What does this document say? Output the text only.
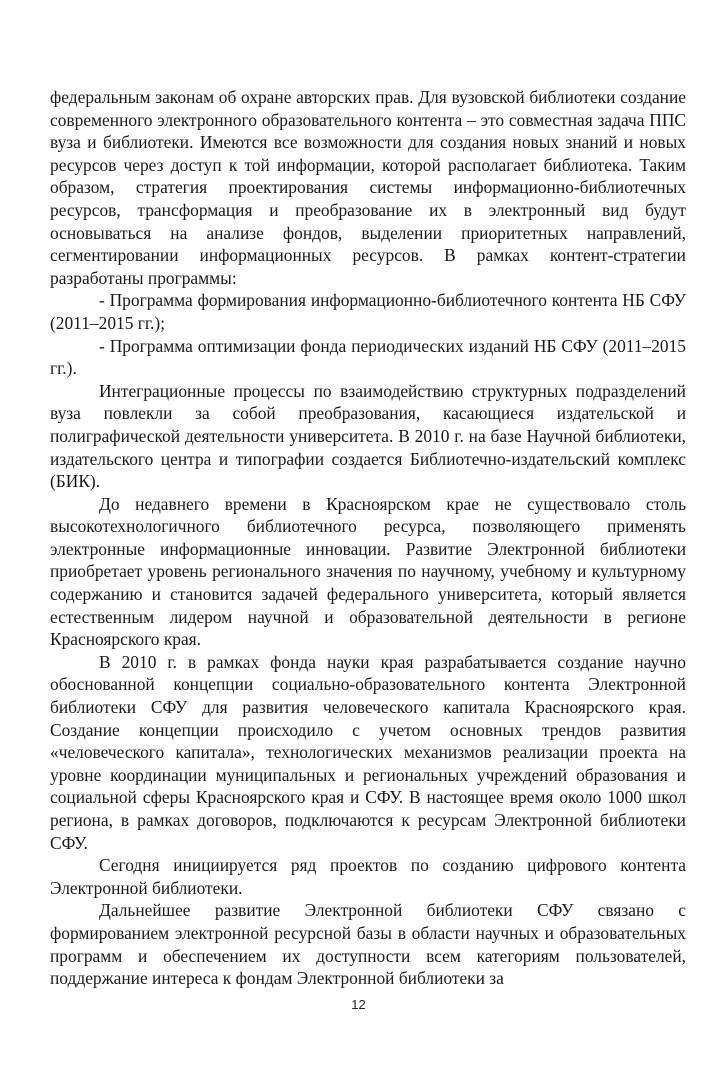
федеральным законам об охране авторских прав. Для вузовской библиотеки создание современного электронного образовательного контента – это совместная задача ППС вуза и библиотеки. Имеются все возможности для создания новых знаний и новых ресурсов через доступ к той информации, которой располагает библиотека. Таким образом, стратегия проектирования системы информационно-библиотечных ресурсов, трансформация и преобразование их в электронный вид будут основываться на анализе фондов, выделении приоритетных направлений, сегментировании информационных ресурсов. В рамках контент-стратегии разработаны программы:

- Программа формирования информационно-библиотечного контента НБ СФУ (2011–2015 гг.);

- Программа оптимизации фонда периодических изданий НБ СФУ (2011–2015 гг.).

Интеграционные процессы по взаимодействию структурных подразделений вуза повлекли за собой преобразования, касающиеся издательской и полиграфической деятельности университета. В 2010 г. на базе Научной библиотеки, издательского центра и типографии создается Библиотечно-издательский комплекс (БИК).

До недавнего времени в Красноярском крае не существовало столь высокотехнологичного библиотечного ресурса, позволяющего применять электронные информационные инновации. Развитие Электронной библиотеки приобретает уровень регионального значения по научному, учебному и культурному содержанию и становится задачей федерального университета, который является естественным лидером научной и образовательной деятельности в регионе Красноярского края.

В 2010 г. в рамках фонда науки края разрабатывается создание научно обоснованной концепции социально-образовательного контента Электронной библиотеки СФУ для развития человеческого капитала Красноярского края. Создание концепции происходило с учетом основных трендов развития «человеческого капитала», технологических механизмов реализации проекта на уровне координации муниципальных и региональных учреждений образования и социальной сферы Красноярского края и СФУ. В настоящее время около 1000 школ региона, в рамках договоров, подключаются к ресурсам Электронной библиотеки СФУ.

Сегодня инициируется ряд проектов по созданию цифрового контента Электронной библиотеки.

Дальнейшее развитие Электронной библиотеки СФУ связано с формированием электронной ресурсной базы в области научных и образовательных программ и обеспечением их доступности всем категориям пользователей, поддержание интереса к фондам Электронной библиотеки за

12
